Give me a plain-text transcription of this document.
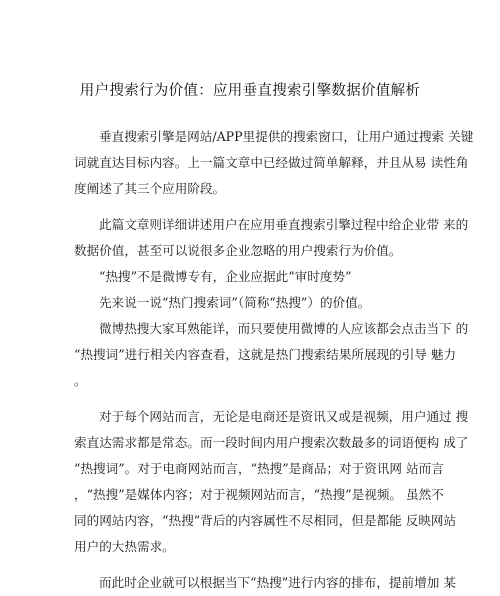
用户搜索行为价值：应用垂直搜索引擎数据价值解析
垂直搜索引擎是网站/APP里提供的搜索窗口，让用户通过搜索 关键
词就直达目标内容。上一篇文章中已经做过简单解释，并且从易 读性角
度阐述了其三个应用阶段。
此篇文章则详细讲述用户在应用垂直搜索引擎过程中给企业带 来的
数据价值，甚至可以说很多企业忽略的用户搜索行为价值。
“热搜”不是微博专有，企业应据此“审时度势”
先来说一说“热门搜索词”（简称“热搜”）的价值。
微博热搜大家耳熟能详，而只要使用微博的人应该都会点击当下 的
“热搜词”进行相关内容查看，这就是热门搜索结果所展现的引导 魅力
。
对于每个网站而言，无论是电商还是资讯又或是视频，用户通过 搜
索直达需求都是常态。而一段时间内用户搜索次数最多的词语便构 成了
“热搜词”。对于电商网站而言，“热搜”是商品；对于资讯网 站而言
，“热搜”是媒体内容；对于视频网站而言，“热搜”是视频。 虽然不
同的网站内容，“热搜”背后的内容属性不尽相同，但是都能 反映网站
用户的大热需求。
而此时企业就可以根据当下“热搜”进行内容的排布，提前增加 某
